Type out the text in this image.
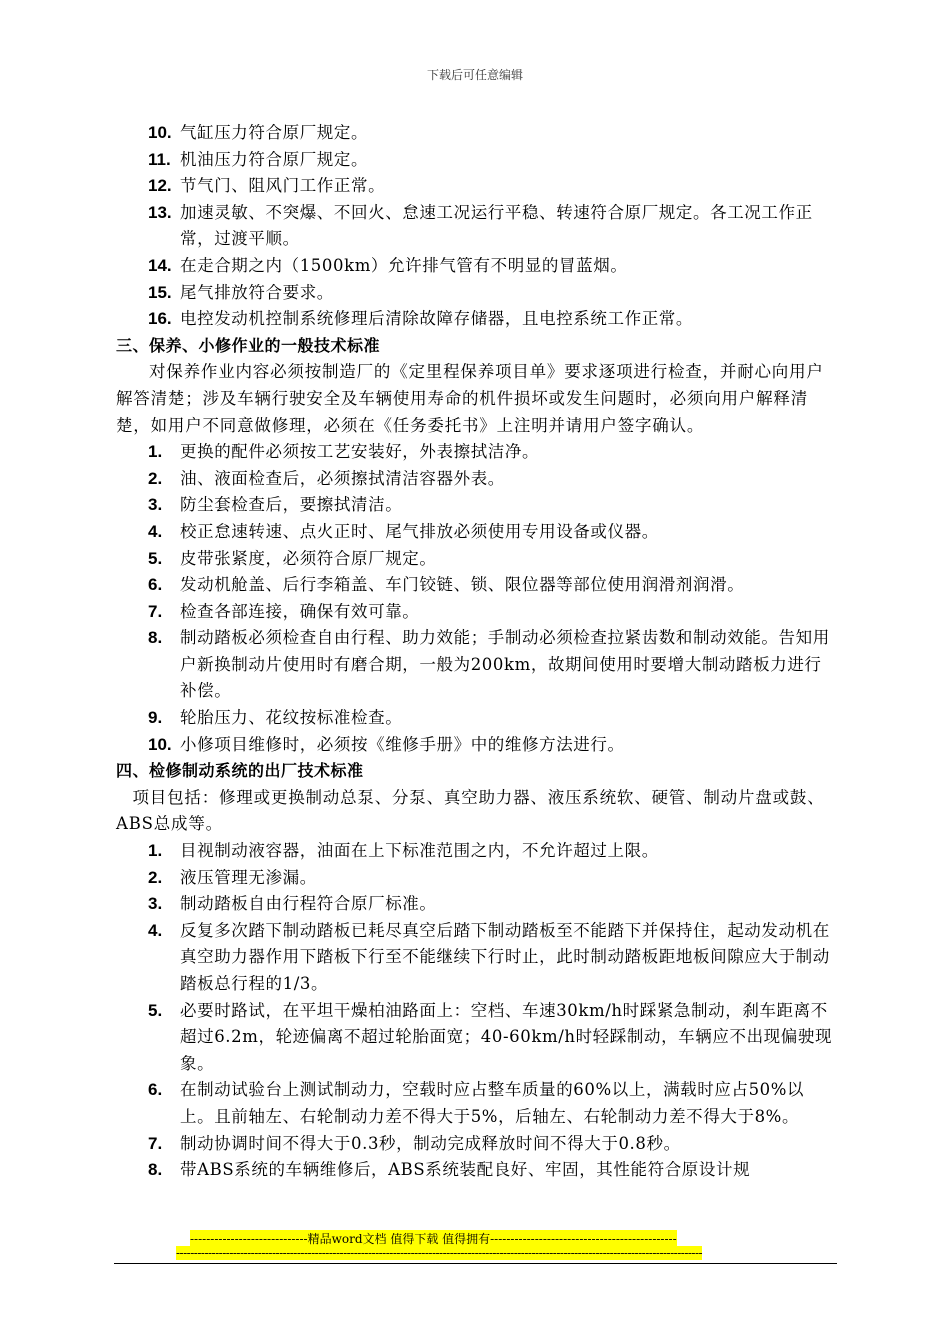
下载后可任意编辑
10. 气缸压力符合原厂规定。
11. 机油压力符合原厂规定。
12. 节气门、阻风门工作正常。
13. 加速灵敏、不突爆、不回火、怠速工况运行平稳、转速符合原厂规定。各工况工作正常，过渡平顺。
14. 在走合期之内（1500km）允许排气管有不明显的冒蓝烟。
15. 尾气排放符合要求。
16. 电控发动机控制系统修理后清除故障存储器，且电控系统工作正常。
三、保养、小修作业的一般技术标准
对保养作业内容必须按制造厂的《定里程保养项目单》要求逐项进行检查，并耐心向用户解答清楚；涉及车辆行驶安全及车辆使用寿命的机件损坏或发生问题时，必须向用户解释清楚，如用户不同意做修理，必须在《任务委托书》上注明并请用户签字确认。
1.	更换的配件必须按工艺安装好，外表擦拭洁净。
2.	油、液面检查后，必须擦拭清洁容器外表。
3.	防尘套检查后，要擦拭清洁。
4.	校正怠速转速、点火正时、尾气排放必须使用专用设备或仪器。
5.	皮带张紧度，必须符合原厂规定。
6.	发动机舱盖、后行李箱盖、车门铰链、锁、限位器等部位使用润滑剂润滑。
7.	检查各部连接，确保有效可靠。
8.	制动踏板必须检查自由行程、助力效能；手制动必须检查拉紧齿数和制动效能。告知用户新换制动片使用时有磨合期，一般为200km，故期间使用时要增大制动踏板力进行补偿。
9.	轮胎压力、花纹按标准检查。
10. 小修项目维修时，必须按《维修手册》中的维修方法进行。
四、检修制动系统的出厂技术标准
项目包括：修理或更换制动总泵、分泵、真空助力器、液压系统软、硬管、制动片盘或鼓、ABS总成等。
1.	目视制动液容器，油面在上下标准范围之内，不允许超过上限。
2.	液压管理无渗漏。
3.	制动踏板自由行程符合原厂标准。
4.	反复多次踏下制动踏板已耗尽真空后踏下制动踏板至不能踏下并保持住，起动发动机在真空助力器作用下踏板下行至不能继续下行时止，此时制动踏板距地板间隙应大于制动踏板总行程的1/3。
5.	必要时路试，在平坦干燥柏油路面上：空档、车速30km/h时踩紧急制动，刹车距离不超过6.2m，轮迹偏离不超过轮胎面宽；40-60km/h时轻踩制动，车辆应不出现偏驶现象。
6.	在制动试验台上测试制动力，空载时应占整车质量的60%以上，满载时应占50%以上。且前轴左、右轮制动力差不得大于5%，后轴左、右轮制动力差不得大于8%。
7.	制动协调时间不得大于0.3秒，制动完成释放时间不得大于0.8秒。
8.	带ABS系统的车辆维修后，ABS系统装配良好、牢固，其性能符合原设计规
-----------------------------精品word文档 值得下载 值得拥有----------------------------------------------
----------------------------------------------------------------------------------------------------------------------------------------------------
